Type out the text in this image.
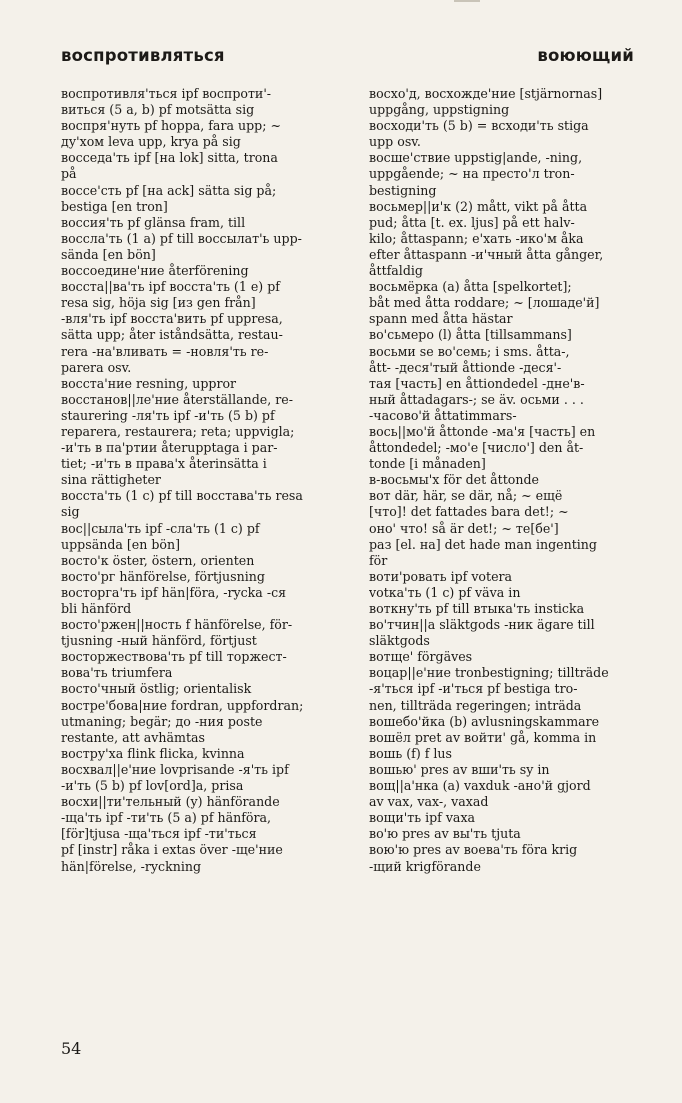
воспротивляться	воюющий

воспротивля'ться ipf воспроти'-

виться (5 a, b) pf motsätta sig

воспря'нуть pf hoppa, fara upp; ~

ду'хом leva upp, krya på sig

восседа'ть ipf [на lok] sitta, trona

på

воссе'сть pf [на ack] sätta sig på;

bestiga [en tron]

воссия'ть pf glänsa fram, till

воссла'ть (1 a) pf till воссылат'ь upp-

sända [en bön]

воссоедине'ние återförening

восста||ва'ть ipf восста'ть (1 e) pf

resa sig, höja sig [из gen från]

-вля'ть ipf восста'вить pf uppresa,

sätta upp; åter iståndsätta, restau-

rera -на'вливать = -новля'ть re-

parera osv.

восста'ние resning, uppror

восстанов||ле'ние återställande, re-

staurering -ля'ть ipf -и'ть (5 b) pf

reparera, restaurera; reta; uppvigla;

-и'ть в па'ртии återupptaga i par-

tiet; -и'ть в права'х återinsätta i

sina rättigheter

восста'ть (1 c) pf till восстава'ть resa

sig

вос||сыла'ть ipf -сла'ть (1 c) pf

uppsända [en bön]

восто'к öster, östern, orienten

восто'рг hänförelse, förtjusning

восторга'ть ipf hän|föra, -rycka -ся

bli hänförd

восто'ржен||ность f hänförelse, för-

tjusning -ный hänförd, förtjust

восторжествова'ть pf till торжест-

вова'ть triumfera

восто'чный östlig; orientalisk

востре'бова|ние fordran, uppfordran;

utmaning; begär; до -ния poste

restante, att avhämtas

востру'ха flink flicka, kvinna

восхвал||е'ние lovprisande -я'ть ipf

-и'ть (5 b) pf lov[ord]a, prisa

восхи||ти'тельный (y) hänförande

-ща'ть ipf -ти'ть (5 a) pf hänföra,

[för]tjusa -ща'ться ipf -ти'ться

pf [instr] råka i extas över -ще'ние

hän|förelse, -ryckning

восхо'д, восхожде'ние [stjärnornas]

uppgång, uppstigning

восходи'ть (5 b) = всходи'ть stiga

upp osv.

восше'ствие uppstig|ande, -ning,

uppgående; ~ на престо'л tron-

bestigning

восьмер||и'к (2) mått, vikt på åtta

pud; åtta [t. ex. ljus] på ett halv-

kilo; åttaspann; e'хать -ико'м åka

efter åttaspann -и'чный åtta gånger,

åttfaldig

восьмёрка (a) åtta [spelkortet];

båt med åtta roddare; ~ [лошаде'й]

spann med åtta hästar

во'сьмеро (l) åtta [tillsammans]

восьми se во'семь; i sms. åtta-,

ått- -деся'тый åttionde -деся'-

тая [часть] en åttiondedel -дне'в-

ный åttadagars-; se äv. осьми . . .

-часово'й åttatimmars-

вось||мо'й åttonde -ма'я [часть] en

åttondedel; -мо'е [число'] den åt-

tonde [i månaden]

в-восьмы'х för det åttonde

вот där, här, se där, nå; ~ ещё

[что]! det fattades bara det!; ~

оно' что! så är det!; ~ те[бе']

раз [el. на] det hade man ingenting

för

воти'ровать ipf votera

votка'ть (1 c) pf väva in

воткну'ть pf till втыка'ть insticka

во'тчин||а släktgods -ник ägare till

släktgods

вотще' förgäves

воцар||е'ние tronbestigning; tillträde

-я'ться ipf -и'ться pf bestiga tro-

nen, tillträda regeringen; inträda

вошебо'йка (b) avlusningskammare

вошёл pret av войти' gå, komma in

вошь (f) f lus

вошью' pres av вши'ть sy in

вощ||а'нка (a) vaxduk -ано'й gjord

av vax, vax-, vaxad

вощи'ть ipf vaxa

во'ю pres av вы'ть tjuta

вою'ю pres av воева'ть föra krig

-щий krigförande

54
